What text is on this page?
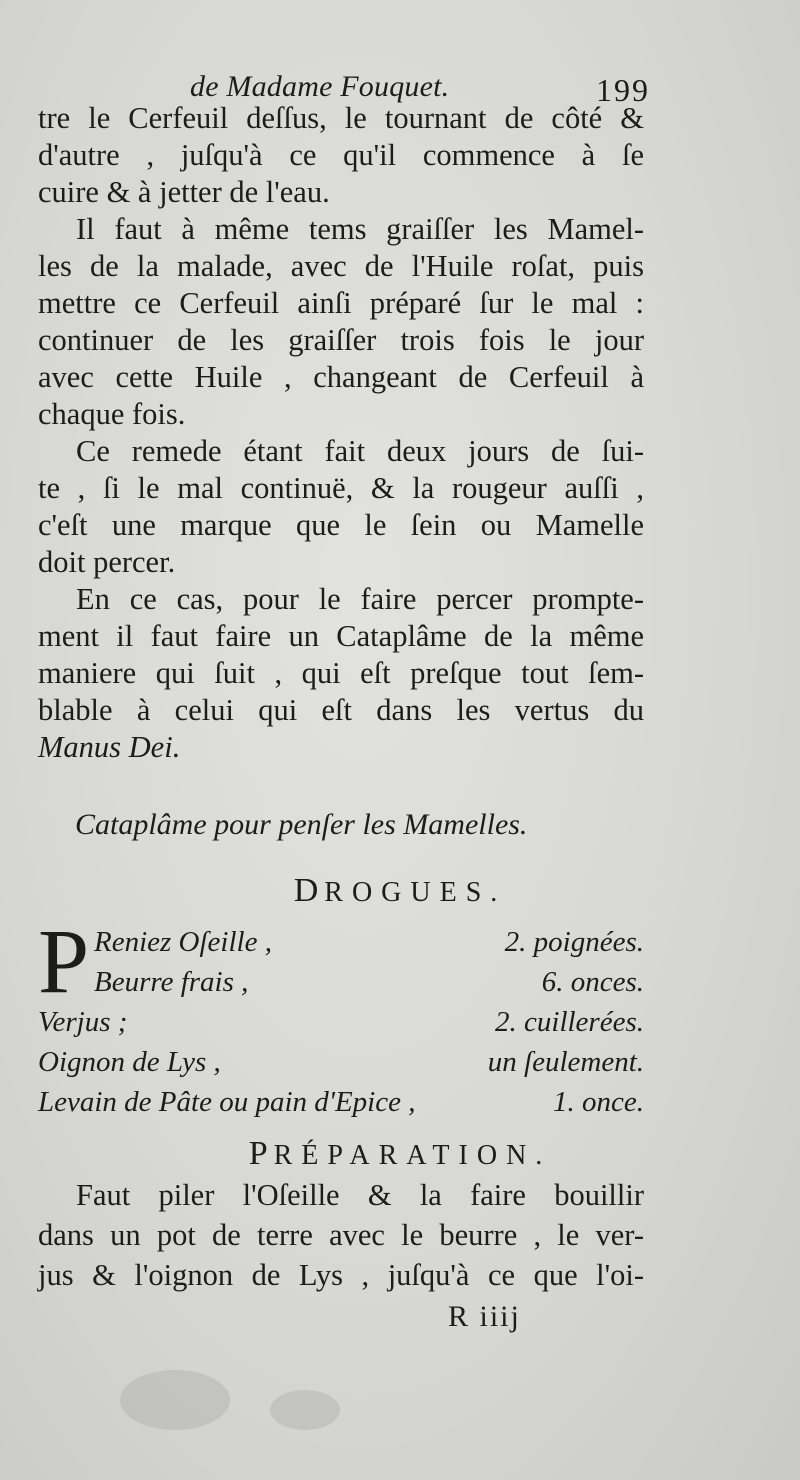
de Madame Fouquet.	199
tre le Cerfeuil deſſus, le tournant de côté &
d'autre , juſqu'à ce qu'il commence à ſe
cuire & à jetter de l'eau.
Il faut à même tems graiſſer les Mamel-
les de la malade, avec de l'Huile roſat, puis
mettre ce Cerfeuil ainſi préparé ſur le mal :
continuer de les graiſſer trois fois le jour
avec cette Huile , changeant de Cerfeuil à
chaque fois.
Ce remede étant fait deux jours de ſui-
te , ſi le mal continuë, & la rougeur auſſi ,
c'eſt une marque que le ſein ou Mamelle
doit percer.
En ce cas, pour le faire percer prompte-
ment il faut faire un Cataplâme de la même
maniere qui ſuit , qui eſt preſque tout ſem-
blable à celui qui eſt dans les vertus du
Manus Dei.
Cataplâme pour penſer les Mamelles.
DROGUES.
P Reniez Oſeille ,	2. poignées.
Beurre frais ,	6. onces.
Verjus ;	2. cuillerées.
Oignon de Lys ,	un ſeulement.
Levain de Pâte ou pain d'Epice ,	1. once.
PRÉPARATION.
Faut piler l'Oſeille & la faire bouillir
dans un pot de terre avec le beurre , le ver-
jus & l'oignon de Lys , juſqu'à ce que l'oi-
R iiij
